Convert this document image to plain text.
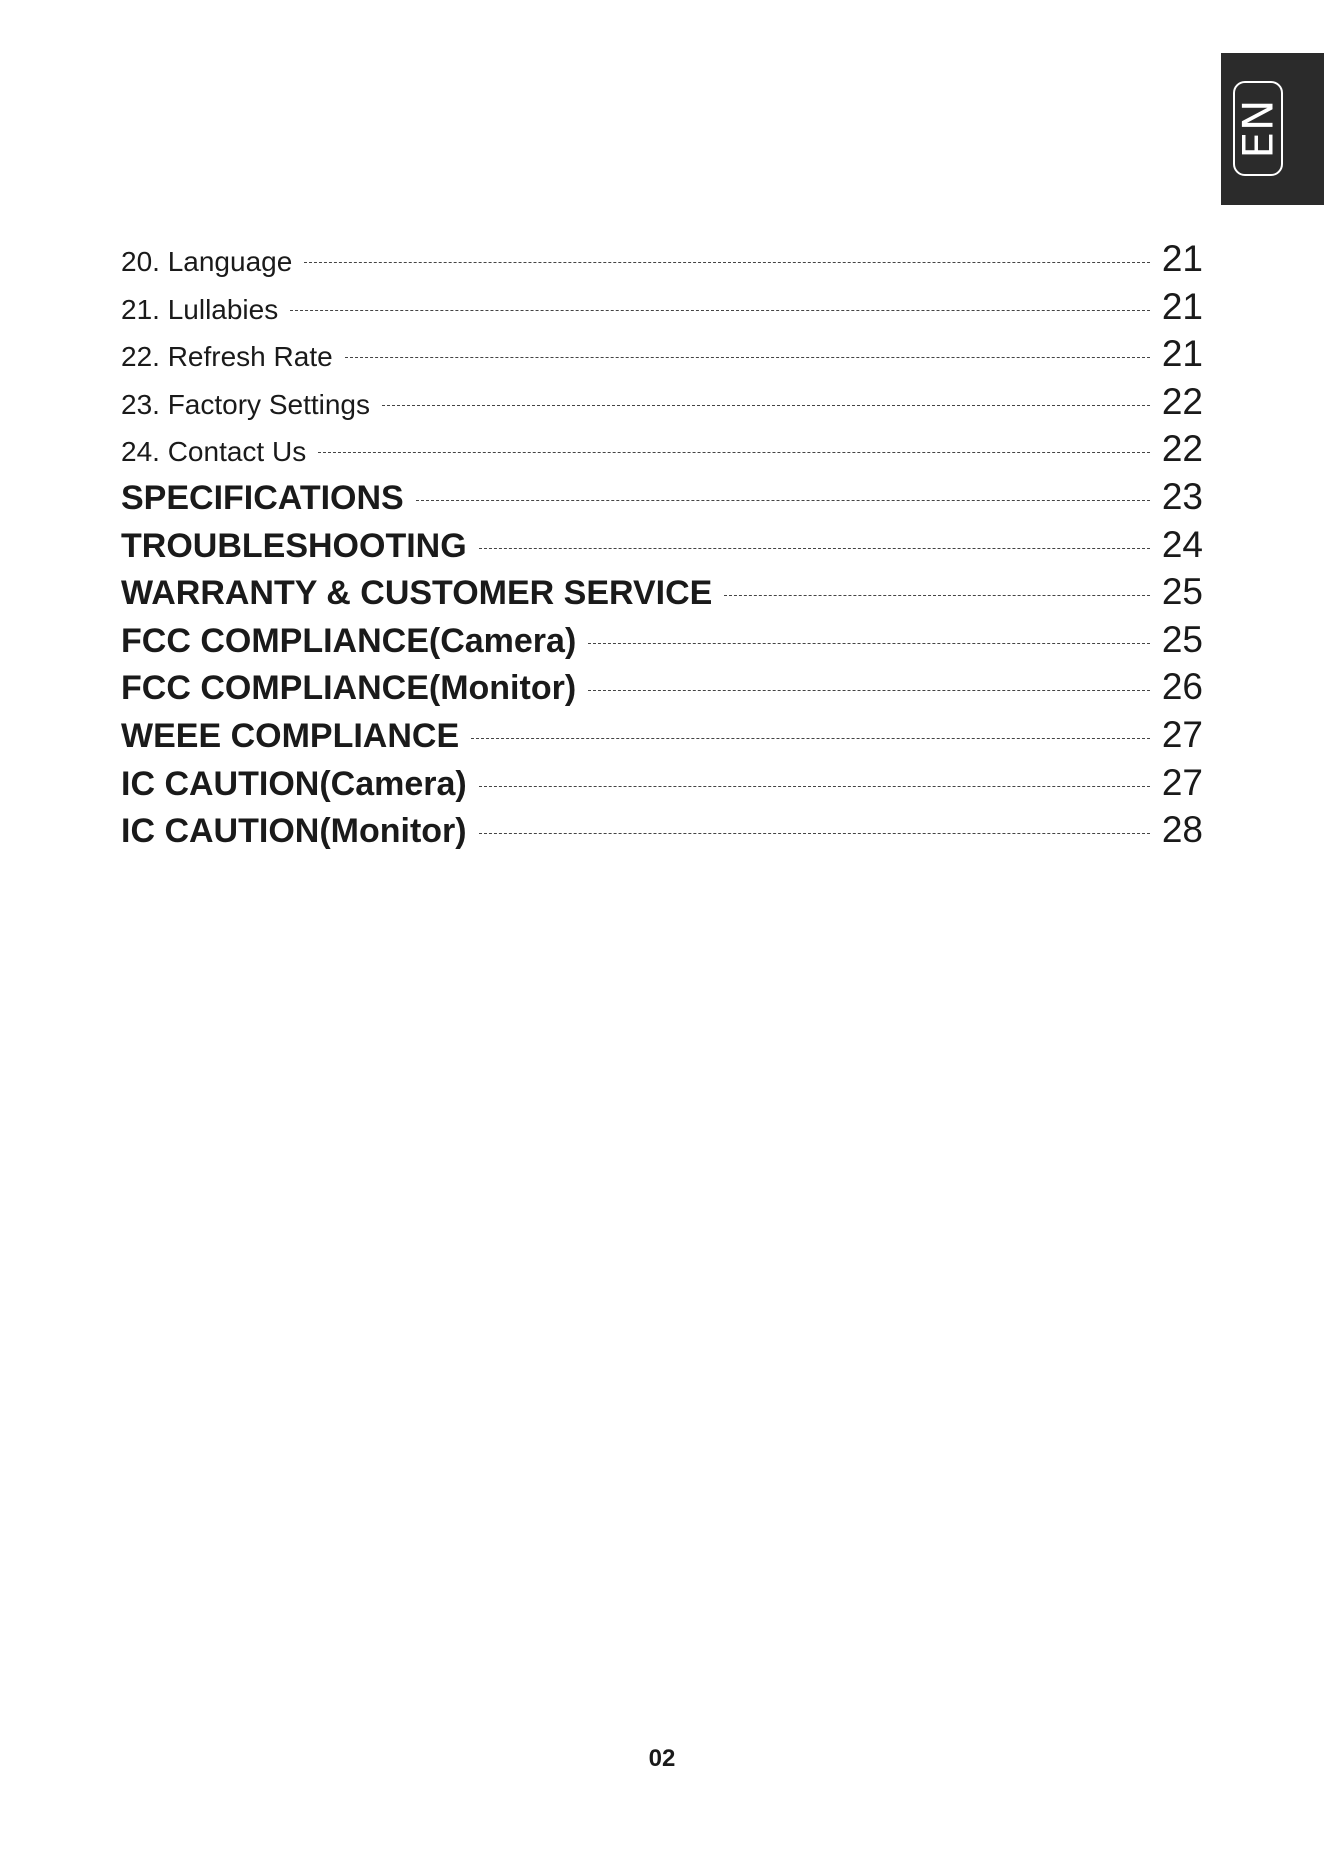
EN
20. Language	21
21. Lullabies	21
22. Refresh Rate	21
23. Factory Settings	22
24. Contact Us	22
SPECIFICATIONS	23
TROUBLESHOOTING	24
WARRANTY & CUSTOMER SERVICE	25
FCC COMPLIANCE(Camera)	25
FCC COMPLIANCE(Monitor)	26
WEEE COMPLIANCE	27
IC CAUTION(Camera)	27
IC CAUTION(Monitor)	28
02
